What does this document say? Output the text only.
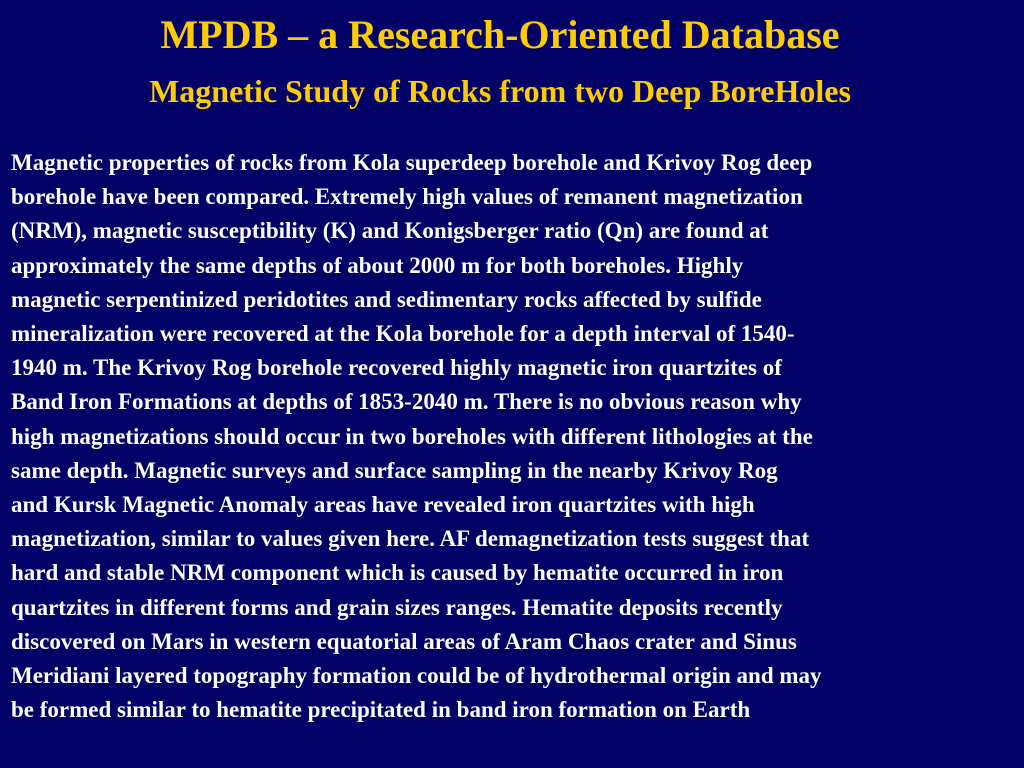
MPDB – a Research-Oriented Database
Magnetic Study of Rocks from two Deep BoreHoles
Magnetic properties of rocks from Kola superdeep borehole and Krivoy Rog deep
borehole have been compared. Extremely high values of remanent magnetization
(NRM), magnetic susceptibility (K) and Konigsberger ratio (Qn) are found at
approximately the same depths of about 2000 m for both boreholes. Highly
magnetic serpentinized peridotites and sedimentary rocks affected by sulfide
mineralization were recovered at the Kola borehole for a depth interval of 1540-
1940 m. The Krivoy Rog borehole recovered highly magnetic iron quartzites of
Band Iron Formations at depths of 1853-2040 m. There is no obvious reason why
high magnetizations should occur in two boreholes with different lithologies at the
same depth. Magnetic surveys and surface sampling in the nearby Krivoy Rog
and Kursk Magnetic Anomaly areas have revealed iron quartzites with high
magnetization, similar to values given here. AF demagnetization tests suggest that
hard and stable NRM component which is caused by hematite occurred in iron
quartzites in different forms and grain sizes ranges. Hematite deposits recently
discovered on Mars in western equatorial areas of Aram Chaos crater and Sinus
Meridiani layered topography formation could be of hydrothermal origin and may
be formed similar to hematite precipitated in band iron formation on Earth
